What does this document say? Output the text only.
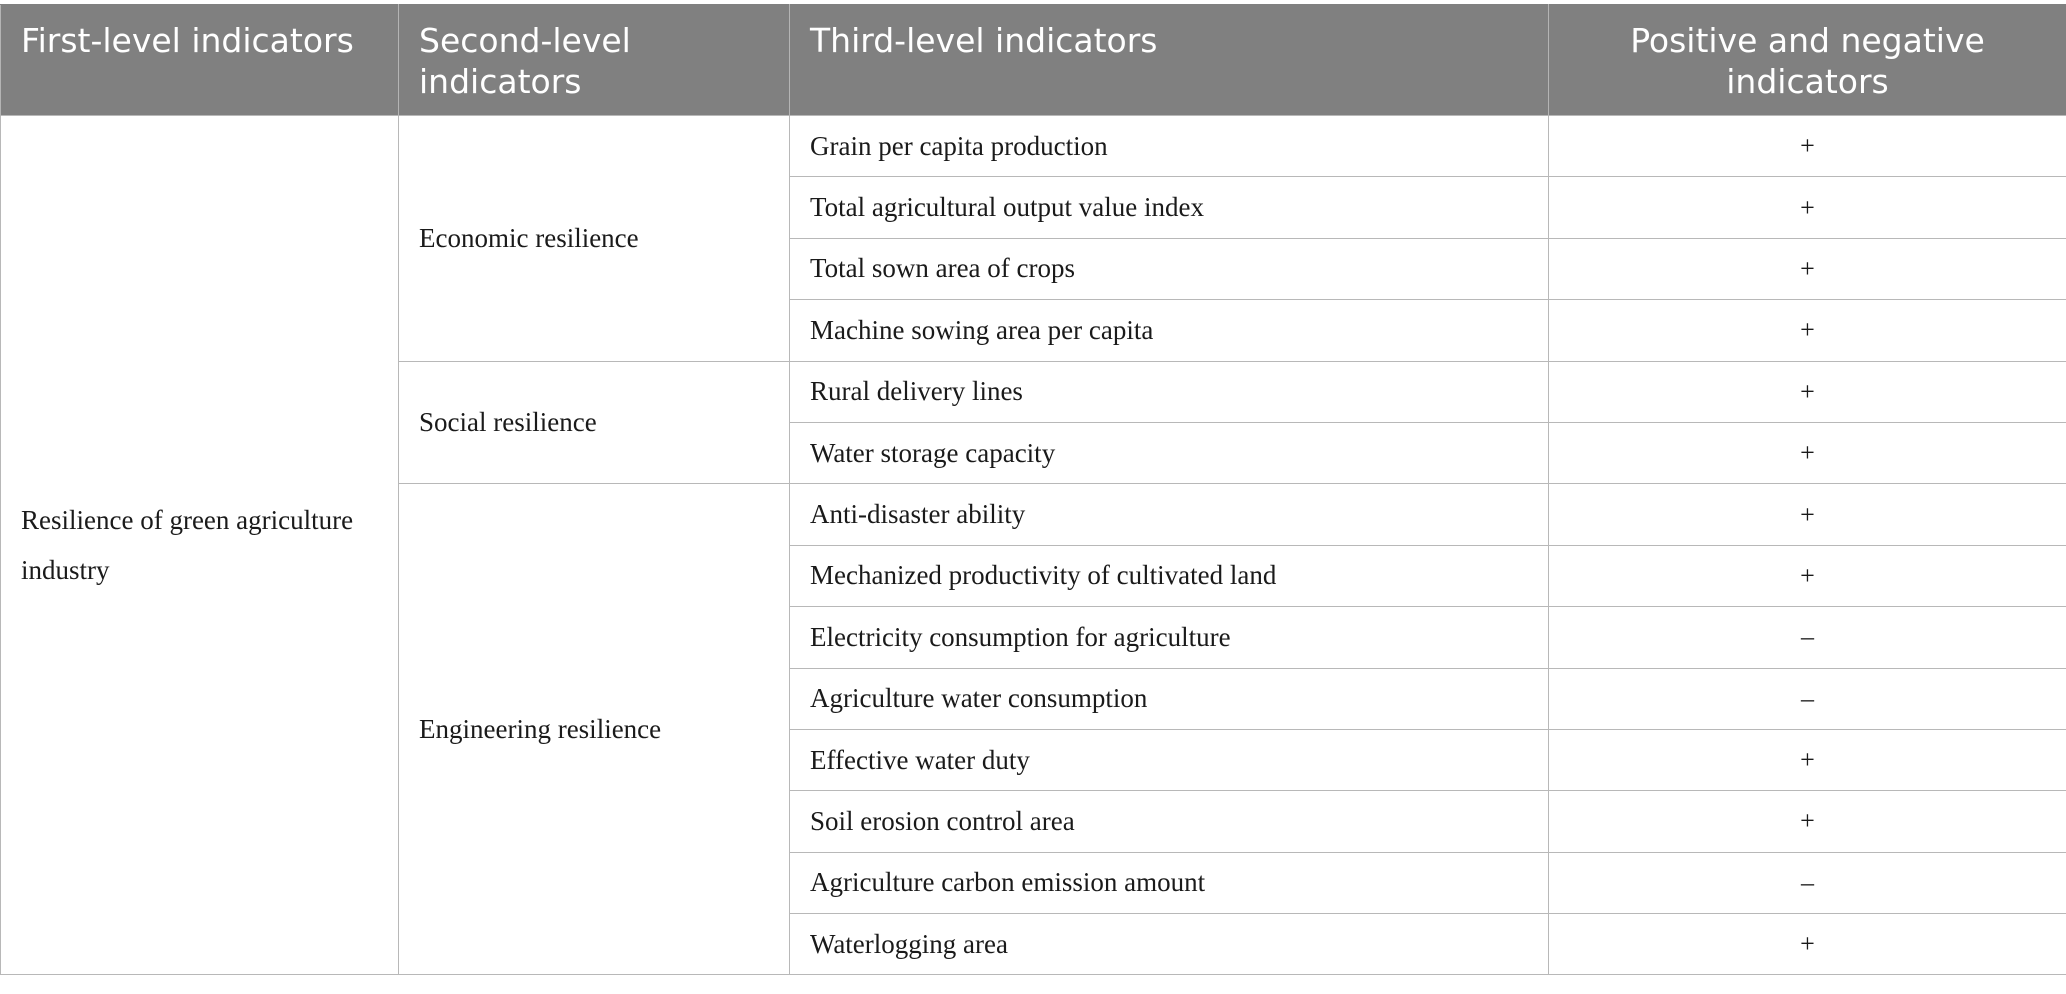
First-level indicators	Second-level indicators	Third-level indicators	Positive and negative indicators
Resilience of green agriculture industry	Economic resilience	Grain per capita production	+
		Total agricultural output value index	+
		Total sown area of crops	+
		Machine sowing area per capita	+
	Social resilience	Rural delivery lines	+
		Water storage capacity	+
	Engineering resilience	Anti-disaster ability	+
		Mechanized productivity of cultivated land	+
		Electricity consumption for agriculture	–
		Agriculture water consumption	–
		Effective water duty	+
		Soil erosion control area	+
		Agriculture carbon emission amount	–
		Waterlogging area	+
